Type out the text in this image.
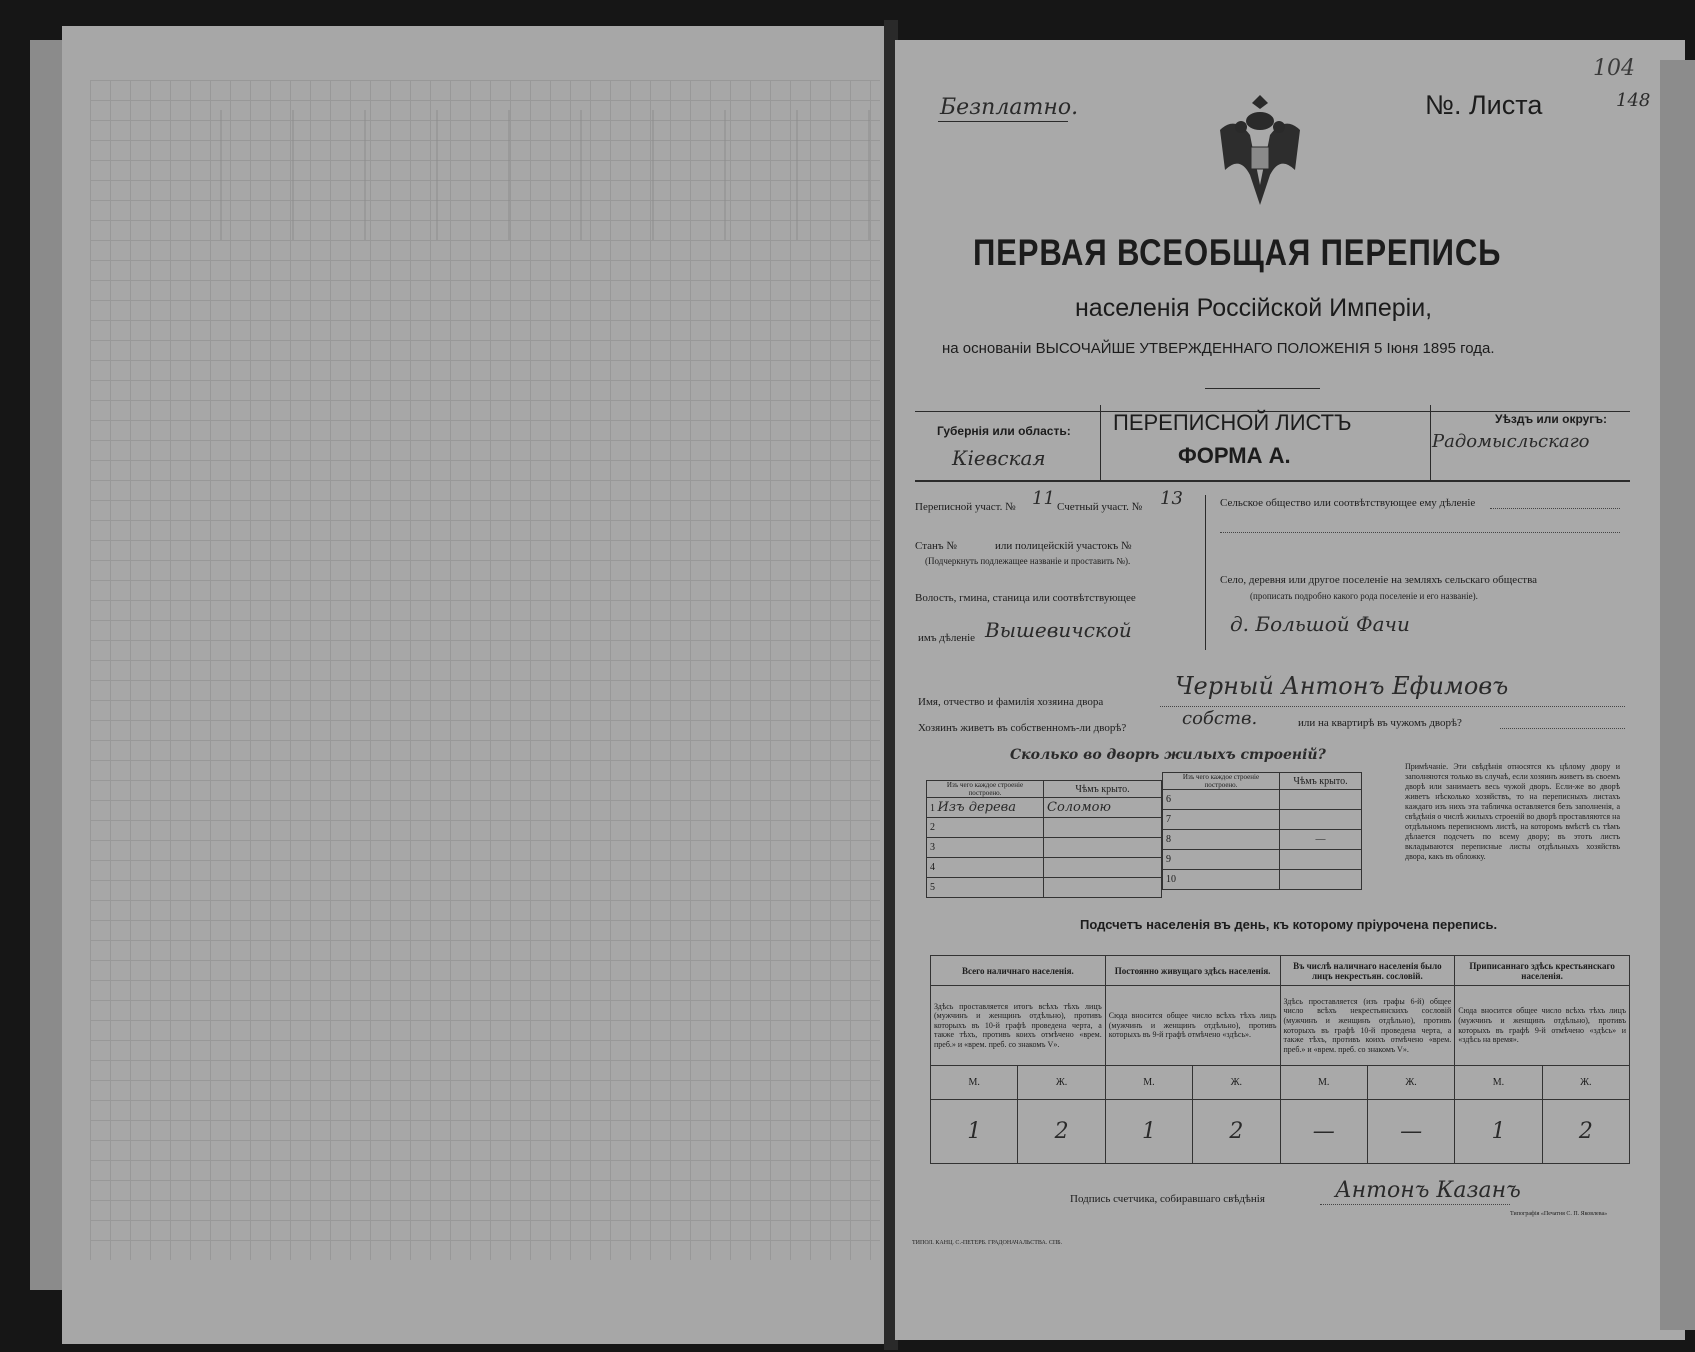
Безплатно.	№. Листа	148
104
ПЕРВАЯ ВСЕОБЩАЯ ПЕРЕПИСЬ
населенія Россійской Имперіи,
на основаніи ВЫСОЧАЙШЕ УТВЕРЖДЕННАГО ПОЛОЖЕНІЯ 5 Іюня 1895 года.
Губернія или область:
Кіевская
ПЕРЕПИСНОЙ ЛИСТЪ
ФОРМА А.
Уѣздъ или округъ:
Радомысльскаго
Переписной участ. № 11 Счетный участ. № 13
Станъ №	или полицейскій участокъ №
(Подчеркнуть подлежащее названіе и проставить №).
Волость, гмина, станица или соотвѣтствующее
имъ дѣленіе Вышевичской
Сельское общество или соотвѣтствующее ему дѣленіе
Село, деревня или другое поселеніе на земляхъ сельскаго общества
(прописать подробно какого рода поселеніе и его названіе).
д. Большой Фачи
Имя, отчество и фамилія хозяина двора
Черный Антонъ Ефимовъ
Хозяинъ живетъ въ собственномъ-ли дворѣ?	собств.	или на квартирѣ въ чужомъ дворѣ?
Сколько во дворѣ жилыхъ строеній?
Изъ чего каждое строеніе построено.	Чѣмъ крыто.
1 Изъ дерева	Соломою
2	
3	
4	
5	
Изъ чего каждое строеніе построено.	Чѣмъ крыто.
6	
7	
8	—
9	
10	
Примѣчаніе. Эти свѣдѣнія относятся къ цѣлому двору и заполняются только въ случаѣ, если хозяинъ живетъ въ своемъ дворѣ или занимаетъ весь чужой дворъ. Если-же во дворѣ живетъ нѣсколько хозяйствъ, то на переписныхъ листахъ каждаго изъ нихъ эта табличка оставляется безъ заполненія, а свѣдѣнія о числѣ жилыхъ строеній во дворѣ проставляются на отдѣльномъ переписномъ листѣ, на которомъ вмѣстѣ съ тѣмъ дѣлается подсчетъ по всему двору; въ этотъ листъ вкладываются переписные листы отдѣльныхъ хозяйствъ двора, какъ въ обложку.
Подсчетъ населенія въ день, къ которому пріурочена перепись.
Всего наличнаго населенія.		Постоянно живущаго здѣсь населенія.		Въ числѣ наличнаго населенія было лицъ некрестьян. сословій.		Приписаннаго здѣсь крестьянскаго населенія.	
Здѣсь проставляется итогъ всѣхъ тѣхъ лицъ (мужчинъ и женщинъ отдѣльно), противъ которыхъ въ 10-й графѣ проведена черта, а также тѣхъ, противъ коихъ отмѣчено «врем. преб.» и «врем. преб. со знакомъ V».		Сюда вносится общее число всѣхъ тѣхъ лицъ (мужчинъ и женщинъ отдѣльно), противъ которыхъ въ 9-й графѣ отмѣчено «здѣсь».		Здѣсь проставляется (изъ графы 6-й) общее число всѣхъ некрестьянскихъ сословій (мужчинъ и женщинъ отдѣльно), противъ которыхъ въ графѣ 10-й проведена черта, а также тѣхъ, противъ коихъ отмѣчено «врем. преб.» и «врем. преб. со знакомъ V».		Сюда вносится общее число всѣхъ тѣхъ лицъ (мужчинъ и женщинъ отдѣльно), противъ которыхъ въ графѣ 9-й отмѣчено «здѣсь» и «здѣсь на время».	
М.	Ж.	М.	Ж.	М.	Ж.	М.	Ж.
1	2	1	2	—	—	1	2
Подпись счетчика, собиравшаго свѣдѣнія	Антонъ Казанъ
ТИПОЛ. КАНЦ. С.-ПЕТЕРБ. ГРАДОНАЧАЛЬСТВА. СПБ.
Типографія «Печатня С. П. Яковлева»
